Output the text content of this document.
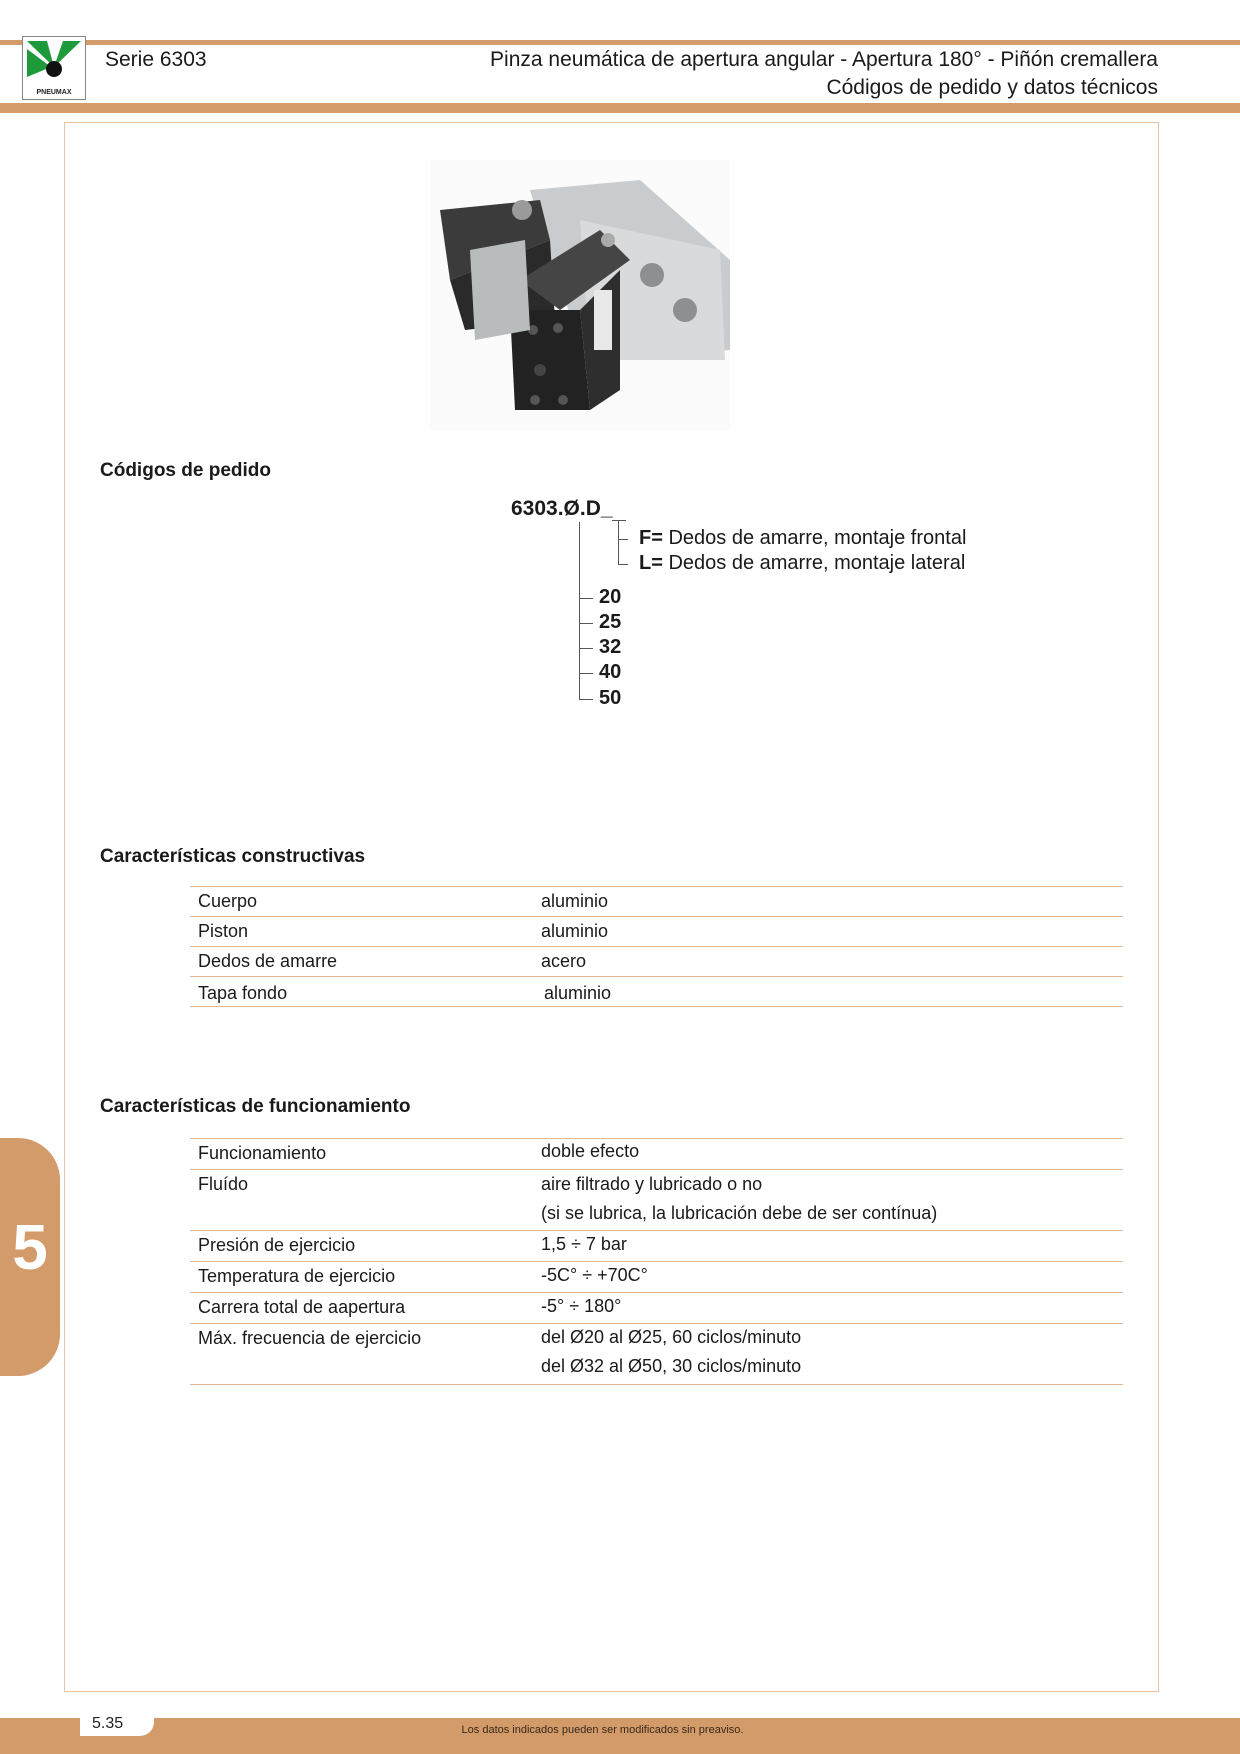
PNEUMAX
Serie 6303	Pinza neumática de apertura angular - Apertura 180° - Piñón cremallera
Códigos de pedido y datos técnicos
Códigos de pedido
6303.Ø.D_
F= Dedos de amarre, montaje frontal
L= Dedos de amarre, montaje lateral
20
25
32
40
50
Características constructivas
Cuerpo	aluminio
Piston	aluminio
Dedos de amarre	acero
Tapa fondo	aluminio
Características de funcionamiento
Funcionamiento	doble efecto
Fluído	aire filtrado y lubricado o no
(si se lubrica, la lubricación debe de ser contínua)
Presión de ejercicio	1,5 ÷ 7 bar
Temperatura de ejercicio	-5C° ÷ +70C°
Carrera total de aapertura	-5° ÷ 180°
Máx. frecuencia de ejercicio	del Ø20 al Ø25, 60 ciclos/minuto
del Ø32 al Ø50, 30 ciclos/minuto
5
5.35	Los datos indicados pueden ser modificados sin preaviso.
